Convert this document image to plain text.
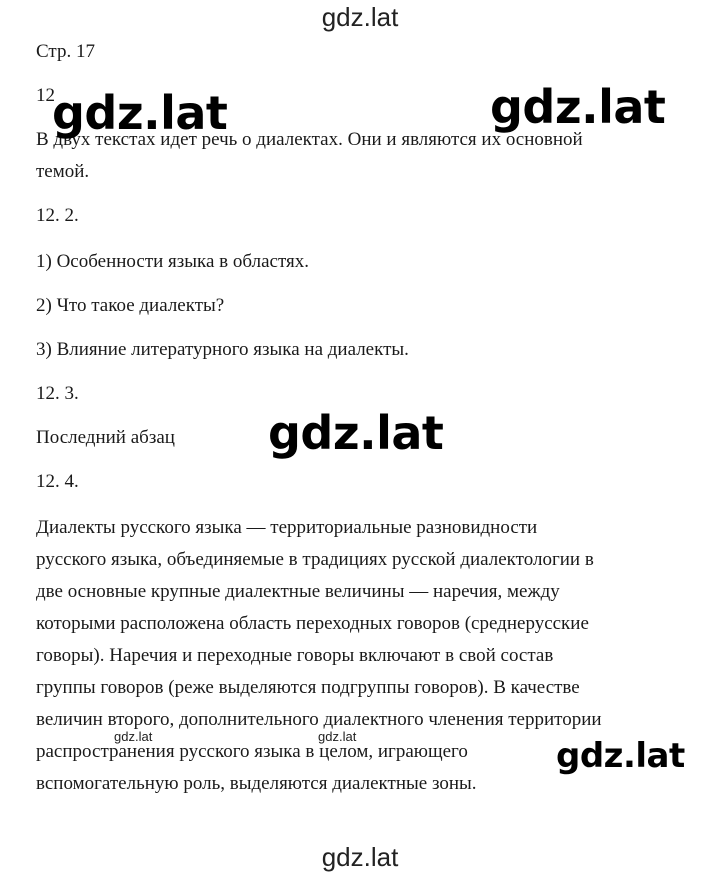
gdz.lat
Стр. 17
12
В двух текстах идет речь о диалектах. Они и являются их основной
темой.
12. 2.
1) Особенности языка в областях.
2) Что такое диалекты?
3) Влияние литературного языка на диалекты.
12. 3.
Последний абзац
12. 4.
Диалекты русского языка — территориальные разновидности
русского языка, объединяемые в традициях русской диалектологии в
две основные крупные диалектные величины — наречия, между
которыми расположена область переходных говоров (среднерусские
говоры). Наречия и переходные говоры включают в свой состав
группы говоров (реже выделяются подгруппы говоров). В качестве
величин второго, дополнительного диалектного членения территории
распространения русского языка в целом, играющего
вспомогательную роль, выделяются диалектные зоны.
gdz.lat	gdz.lat
gdz.lat
gdz.lat
gdz.lat	gdz.lat
gdz.lat
